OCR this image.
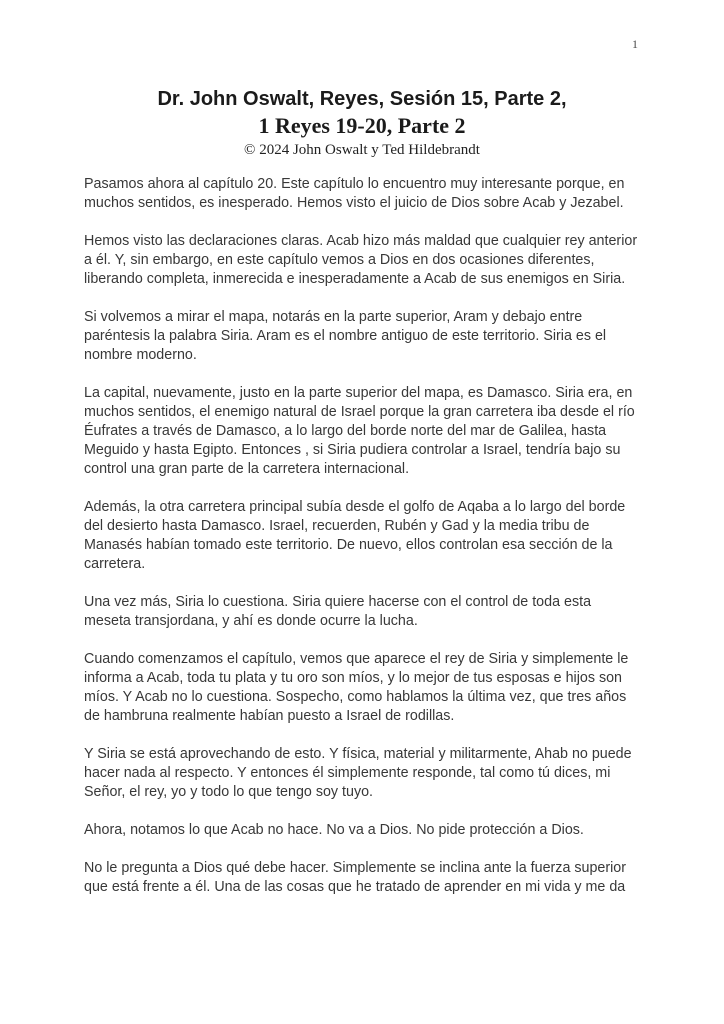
1
Dr. John Oswalt, Reyes, Sesión 15, Parte 2,
1 Reyes 19-20, Parte 2

© 2024 John Oswalt y Ted Hildebrandt

Pasamos ahora al capítulo 20. Este capítulo lo encuentro muy interesante porque, en muchos sentidos, es inesperado. Hemos visto el juicio de Dios sobre Acab y Jezabel.

Hemos visto las declaraciones claras. Acab hizo más maldad que cualquier rey anterior a él. Y, sin embargo, en este capítulo vemos a Dios en dos ocasiones diferentes, liberando completa, inmerecida e inesperadamente a Acab de sus enemigos en Siria.

Si volvemos a mirar el mapa, notarás en la parte superior, Aram y debajo entre paréntesis la palabra Siria. Aram es el nombre antiguo de este territorio. Siria es el nombre moderno.

La capital, nuevamente, justo en la parte superior del mapa, es Damasco. Siria era, en muchos sentidos, el enemigo natural de Israel porque la gran carretera iba desde el río Éufrates a través de Damasco, a lo largo del borde norte del mar de Galilea, hasta Meguido y hasta Egipto. Entonces , si Siria pudiera controlar a Israel, tendría bajo su control una gran parte de la carretera internacional.

Además, la otra carretera principal subía desde el golfo de Aqaba a lo largo del borde del desierto hasta Damasco. Israel, recuerden, Rubén y Gad y la media tribu de Manasés habían tomado este territorio. De nuevo, ellos controlan esa sección de la carretera.

Una vez más, Siria lo cuestiona. Siria quiere hacerse con el control de toda esta meseta transjordana, y ahí es donde ocurre la lucha.

Cuando comenzamos el capítulo, vemos que aparece el rey de Siria y simplemente le informa a Acab, toda tu plata y tu oro son míos, y lo mejor de tus esposas e hijos son míos. Y Acab no lo cuestiona. Sospecho, como hablamos la última vez, que tres años de hambruna realmente habían puesto a Israel de rodillas.

Y Siria se está aprovechando de esto. Y física, material y militarmente, Ahab no puede hacer nada al respecto. Y entonces él simplemente responde, tal como tú dices, mi Señor, el rey, yo y todo lo que tengo soy tuyo.

Ahora, notamos lo que Acab no hace. No va a Dios. No pide protección a Dios.

No le pregunta a Dios qué debe hacer. Simplemente se inclina ante la fuerza superior que está frente a él. Una de las cosas que he tratado de aprender en mi vida y me da
